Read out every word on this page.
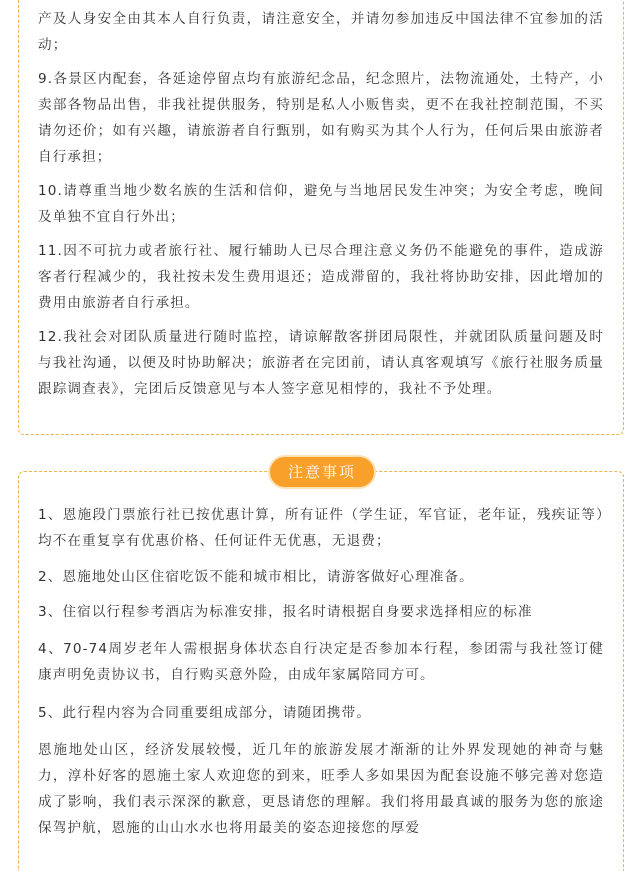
产及人身安全由其本人自行负责，请注意安全，并请勿参加违反中国法律不宜参加的活动；

9.各景区内配套，各延途停留点均有旅游纪念品，纪念照片，法物流通处，土特产，小卖部各物品出售，非我社提供服务，特别是私人小贩售卖，更不在我社控制范围，不买请勿还价；如有兴趣，请旅游者自行甄别，如有购买为其个人行为，任何后果由旅游者自行承担；

10.请尊重当地少数名族的生活和信仰，避免与当地居民发生冲突；为安全考虑，晚间及单独不宜自行外出；

11.因不可抗力或者旅行社、履行辅助人已尽合理注意义务仍不能避免的事件，造成游客者行程减少的，我社按未发生费用退还；造成滞留的，我社将协助安排，因此增加的费用由旅游者自行承担。

12.我社会对团队质量进行随时监控，请谅解散客拼团局限性，并就团队质量问题及时与我社沟通，以便及时协助解决；旅游者在完团前，请认真客观填写《旅行社服务质量跟踪调查表》，完团后反馈意见与本人签字意见相悖的，我社不予处理。

注意事项

1、恩施段门票旅行社已按优惠计算，所有证件（学生证，军官证，老年证，残疾证等）均不在重复享有优惠价格、任何证件无优惠，无退费；

2、恩施地处山区住宿吃饭不能和城市相比，请游客做好心理准备。

3、住宿以行程参考酒店为标准安排，报名时请根据自身要求选择相应的标准

4、70-74周岁老年人需根据身体状态自行决定是否参加本行程，参团需与我社签订健康声明免责协议书，自行购买意外险，由成年家属陪同方可。

5、此行程内容为合同重要组成部分，请随团携带。

恩施地处山区，经济发展较慢，近几年的旅游发展才渐渐的让外界发现她的神奇与魅力，淳朴好客的恩施土家人欢迎您的到来，旺季人多如果因为配套设施不够完善对您造成了影响，我们表示深深的歉意，更恳请您的理解。我们将用最真诚的服务为您的旅途保驾护航，恩施的山山水水也将用最美的姿态迎接您的厚爱
